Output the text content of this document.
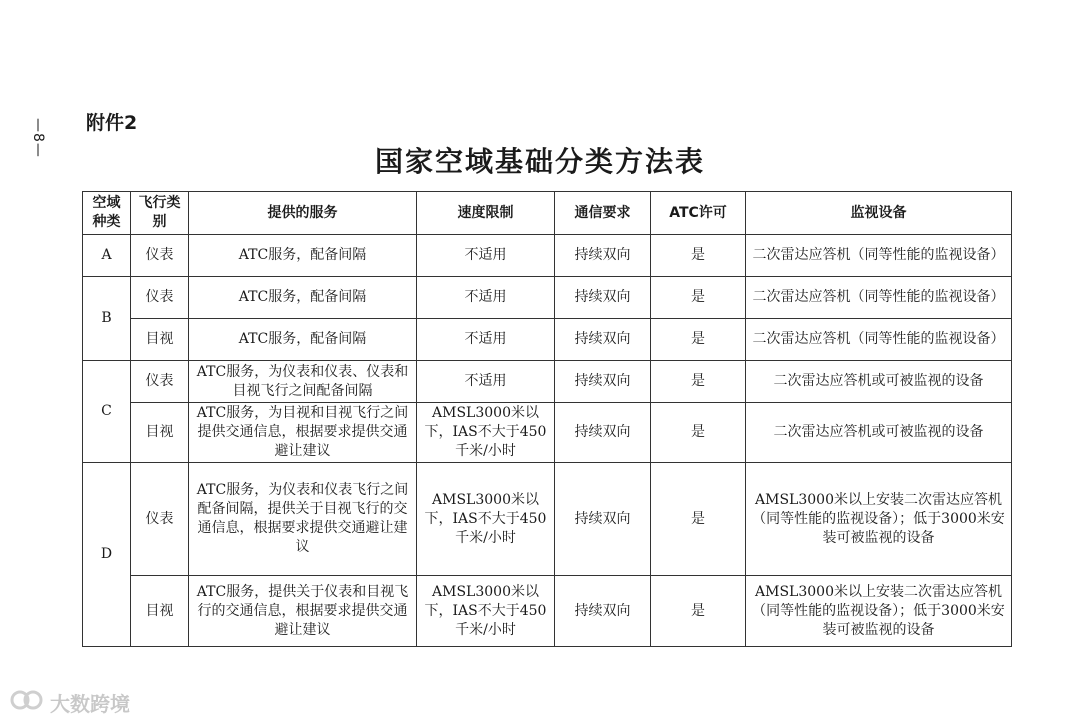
—8— 附件2
国家空域基础分类方法表
空域种类	飞行类别	提供的服务	速度限制	通信要求	ATC许可	监视设备
A	仪表	ATC服务，配备间隔	不适用	持续双向	是	二次雷达应答机（同等性能的监视设备）
B	仪表	ATC服务，配备间隔	不适用	持续双向	是	二次雷达应答机（同等性能的监视设备）
	目视	ATC服务，配备间隔	不适用	持续双向	是	二次雷达应答机（同等性能的监视设备）
C	仪表	ATC服务，为仪表和仪表、仪表和目视飞行之间配备间隔	不适用	持续双向	是	二次雷达应答机或可被监视的设备
	目视	ATC服务，为目视和目视飞行之间提供交通信息，根据要求提供交通避让建议	AMSL3000米以下，IAS不大于450千米/小时	持续双向	是	二次雷达应答机或可被监视的设备
D	仪表	ATC服务，为仪表和仪表飞行之间配备间隔，提供关于目视飞行的交通信息，根据要求提供交通避让建议	AMSL3000米以下，IAS不大于450千米/小时	持续双向	是	AMSL3000米以上安装二次雷达应答机（同等性能的监视设备）；低于3000米安装可被监视的设备
	目视	ATC服务，提供关于仪表和目视飞行的交通信息，根据要求提供交通避让建议	AMSL3000米以下，IAS不大于450千米/小时	持续双向	是	AMSL3000米以上安装二次雷达应答机（同等性能的监视设备）；低于3000米安装可被监视的设备
大数跨境
